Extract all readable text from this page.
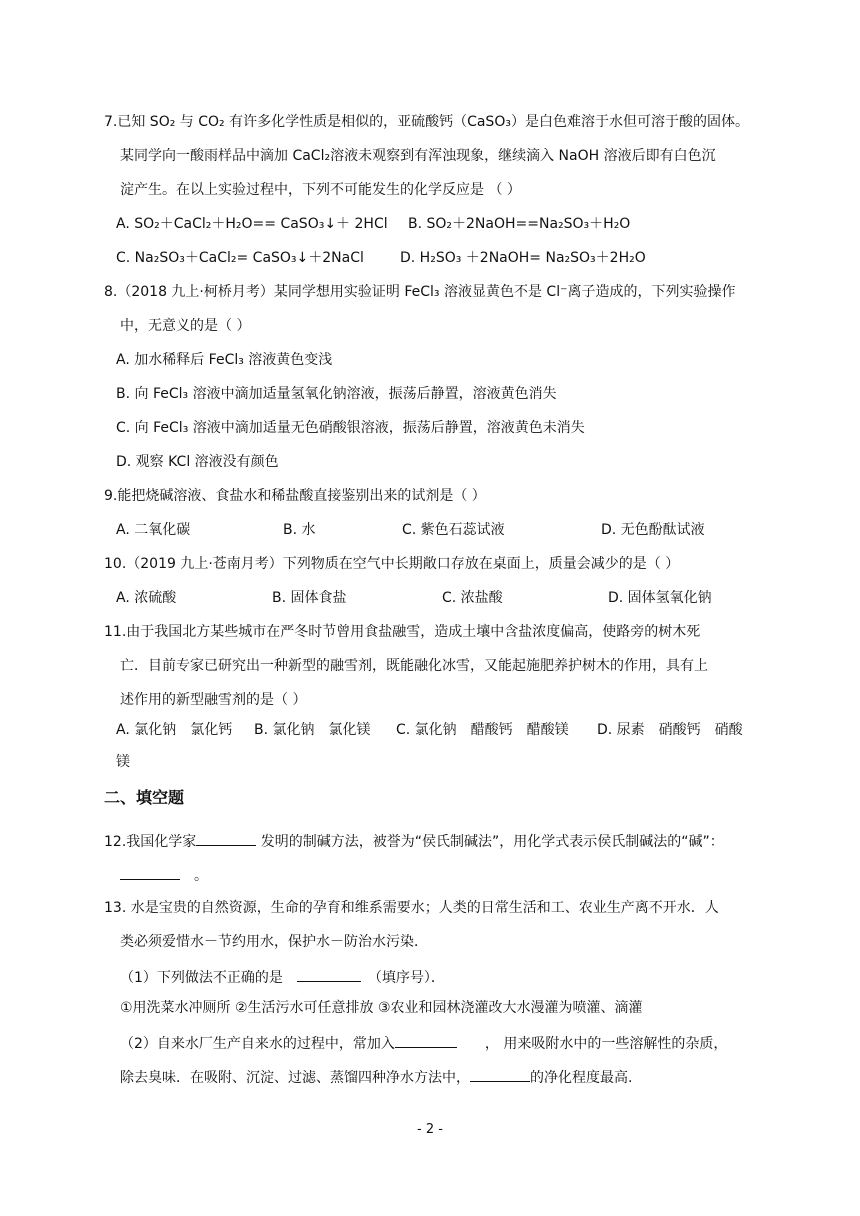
7.已知 SO₂ 与 CO₂ 有许多化学性质是相似的，亚硫酸钙（CaSO₃）是白色难溶于水但可溶于酸的固体。
某同学向一酸雨样品中滴加 CaCl₂溶液未观察到有浑浊现象，继续滴入 NaOH 溶液后即有白色沉
淀产生。在以上实验过程中，下列不可能发生的化学反应是 （ ）
A. SO₂＋CaCl₂＋H₂O== CaSO₃↓＋ 2HCl B. SO₂＋2NaOH==Na₂SO₃＋H₂O
C. Na₂SO₃＋CaCl₂= CaSO₃↓＋2NaCl	D. H₂SO₃ ＋2NaOH= Na₂SO₃＋2H₂O
8.（2018 九上·柯桥月考）某同学想用实验证明 FeCl₃ 溶液显黄色不是 Cl⁻离子造成的，下列实验操作
中，无意义的是（ ）
A. 加水稀释后 FeCl₃ 溶液黄色变浅
B. 向 FeCl₃ 溶液中滴加适量氢氧化钠溶液，振荡后静置，溶液黄色消失
C. 向 FeCl₃ 溶液中滴加适量无色硝酸银溶液，振荡后静置，溶液黄色未消失
D. 观察 KCl 溶液没有颜色
9.能把烧碱溶液、食盐水和稀盐酸直接鉴别出来的试剂是（ ）
A. 二氧化碳	B. 水	C. 紫色石蕊试液	D. 无色酚酞试液
10.（2019 九上·苍南月考）下列物质在空气中长期敞口存放在桌面上，质量会减少的是（ ）
A. 浓硫酸	B. 固体食盐	C. 浓盐酸	D. 固体氢氧化钠
11.由于我国北方某些城市在严冬时节曾用食盐融雪，造成土壤中含盐浓度偏高，使路旁的树木死
亡．目前专家已研究出一种新型的融雪剂，既能融化冰雪，又能起施肥养护树木的作用，具有上
述作用的新型融雪剂的是（ ）
A. 氯化钠　氯化钙 B. 氯化钠　氯化镁 C. 氯化钠　醋酸钙　醋酸镁 D. 尿素　硝酸钙　硝酸
镁
二、填空题
12.我国化学家	发明的制碱方法，被誉为“侯氏制碱法”，用化学式表示侯氏制碱法的“碱”：
　。
13. 水是宝贵的自然资源，生命的孕育和维系需要水；人类的日常生活和工、农业生产离不开水．人
类必须爱惜水－节约用水，保护水－防治水污染．
（1）下列做法不正确的是　　	（填序号）．
①用洗菜水冲厕所 ②生活污水可任意排放 ③农业和园林浇灌改大水漫灌为喷灌、滴灌
（2）自来水厂生产自来水的过程中，常加入　　	， 用来吸附水中的一些溶解性的杂质，
除去臭味．在吸附、沉淀、过滤、蒸馏四种净水方法中，	的净化程度最高.
- 2 -
